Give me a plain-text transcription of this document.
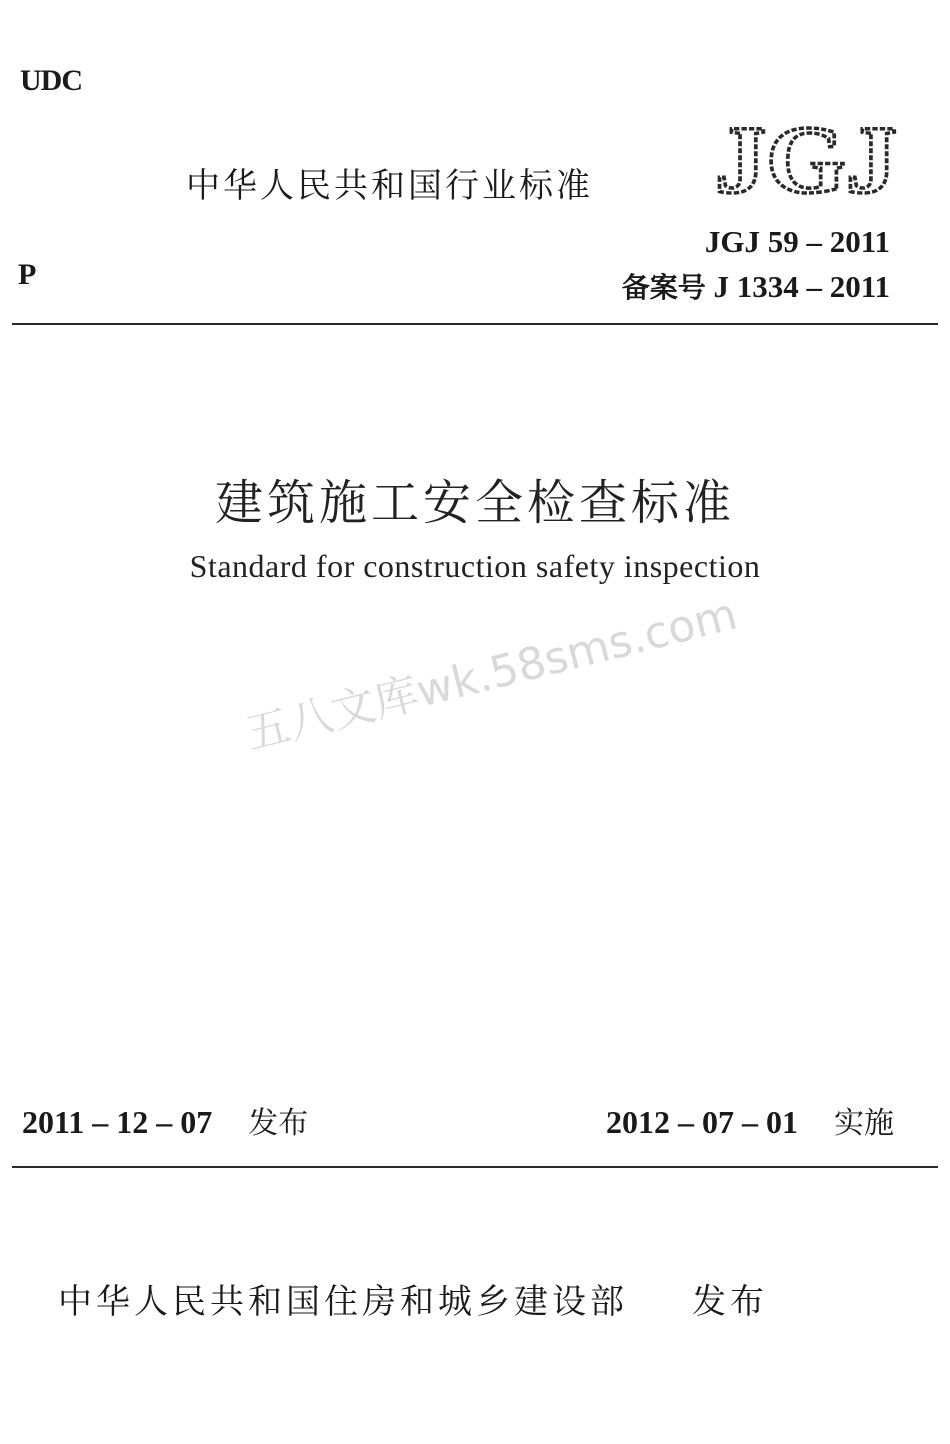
UDC
中华人民共和国行业标准 JGJ
P
JGJ 59 – 2011
备案号 J 1334 – 2011
建筑施工安全检查标准
Standard for construction safety inspection
五八文库wk.58sms.com
2011 – 12 – 07 发布	2012 – 07 – 01 实施
中华人民共和国住房和城乡建设部 发布
